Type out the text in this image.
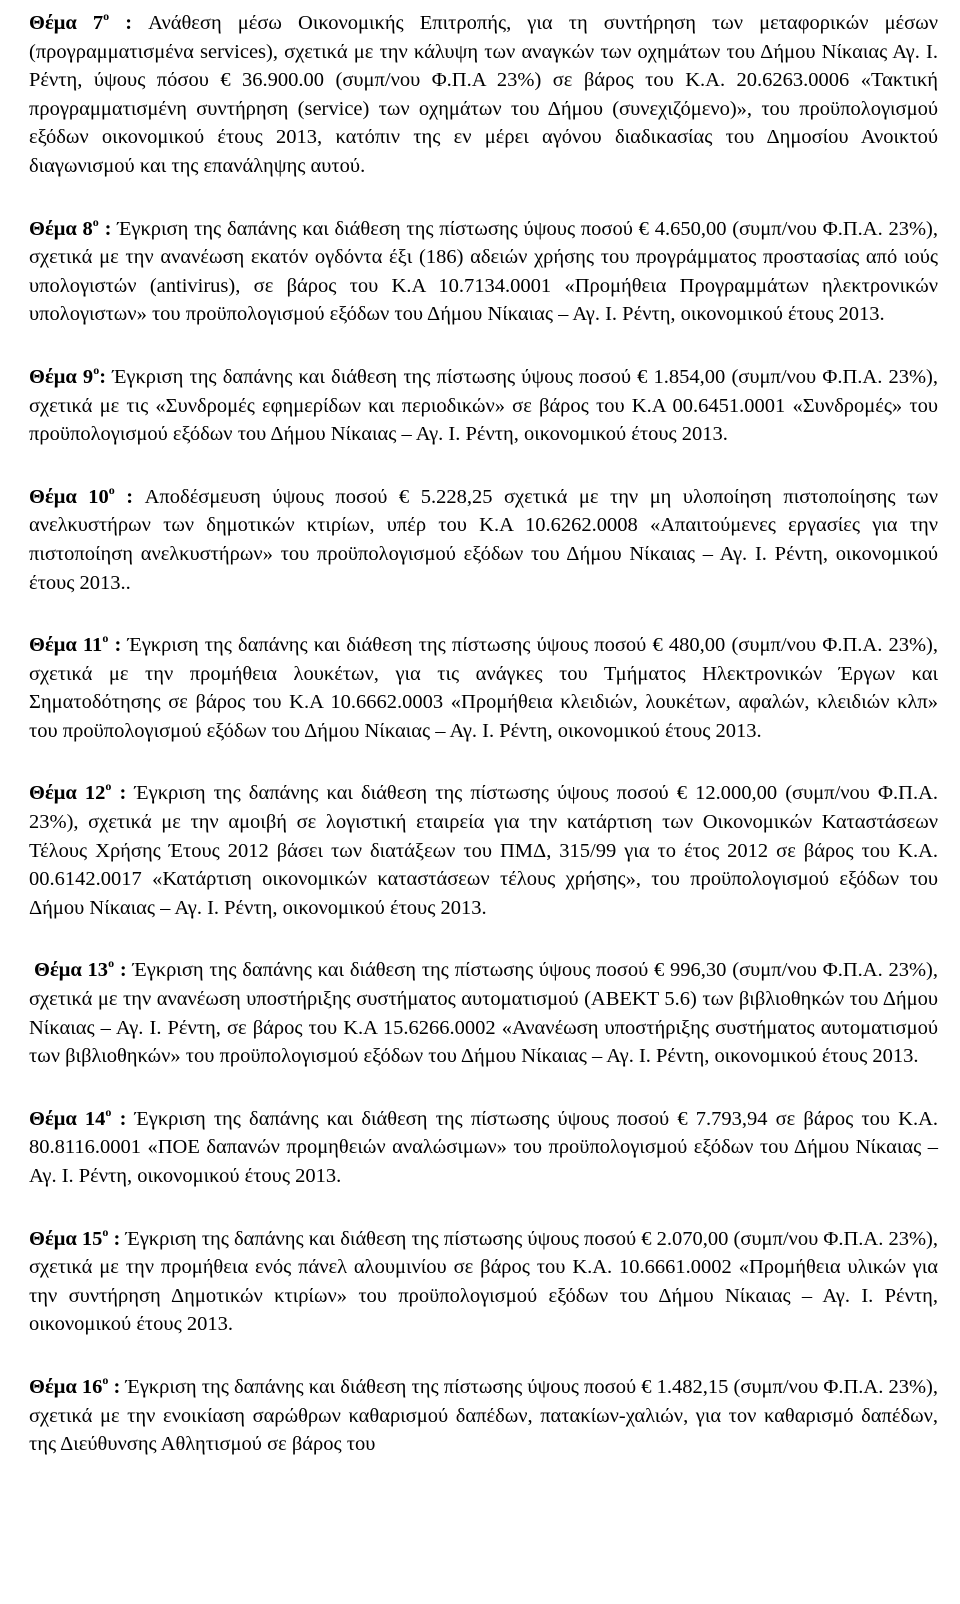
Θέμα $7^o$ : Ανάθεση μέσω Οικονομικής Επιτροπής, για τη συντήρηση των μεταφορικών μέσων (προγραμματισμένα services), σχετικά με την κάλυψη των αναγκών των οχημάτων του Δήμου Νίκαιας Αγ. Ι. Ρέντη, ύψους πόσου € 36.900.00 (συμπ/νου Φ.Π.Α 23%) σε βάρος του Κ.Α. 20.6263.0006 «Τακτική προγραμματισμένη συντήρηση (service) των οχημάτων του Δήμου (συνεχιζόμενο)», του προϋπολογισμού εξόδων οικονομικού έτους 2013, κατόπιν της εν μέρει αγόνου διαδικασίας του Δημοσίου Ανοικτού διαγωνισμού και της επανάληψης αυτού.

Θέμα $8^o$ : Έγκριση της δαπάνης και διάθεση της πίστωσης ύψους ποσού € 4.650,00 (συμπ/νου Φ.Π.Α. 23%), σχετικά με την ανανέωση εκατόν ογδόντα έξι (186) αδειών χρήσης του προγράμματος προστασίας από ιούς υπολογιστών (antivirus), σε βάρος του Κ.Α 10.7134.0001 «Προμήθεια Προγραμμάτων ηλεκτρονικών υπολογιστων» του προϋπολογισμού εξόδων του Δήμου Νίκαιας – Αγ. Ι. Ρέντη, οικονομικού έτους 2013.

Θέμα $9^o$: Έγκριση της δαπάνης και διάθεση της πίστωσης ύψους ποσού € 1.854,00 (συμπ/νου Φ.Π.Α. 23%), σχετικά με τις «Συνδρομές εφημερίδων και περιοδικών» σε βάρος του Κ.Α 00.6451.0001 «Συνδρομές» του προϋπολογισμού εξόδων του Δήμου Νίκαιας – Αγ. Ι. Ρέντη, οικονομικού έτους 2013.

Θέμα $10^o$ : Αποδέσμευση ύψους ποσού € 5.228,25 σχετικά με την μη υλοποίηση πιστοποίησης των ανελκυστήρων των δημοτικών κτιρίων, υπέρ του Κ.Α 10.6262.0008 «Απαιτούμενες εργασίες για την πιστοποίηση ανελκυστήρων» του προϋπολογισμού εξόδων του Δήμου Νίκαιας – Αγ. Ι. Ρέντη, οικονομικού έτους 2013..

Θέμα $11^o$ : Έγκριση της δαπάνης και διάθεση της πίστωσης ύψους ποσού € 480,00 (συμπ/νου Φ.Π.Α. 23%), σχετικά με την προμήθεια λουκέτων, για τις ανάγκες του Τμήματος Ηλεκτρονικών Έργων και Σηματοδότησης σε βάρος του Κ.Α 10.6662.0003 «Προμήθεια κλειδιών, λουκέτων, αφαλών, κλειδιών κλπ» του προϋπολογισμού εξόδων του Δήμου Νίκαιας – Αγ. Ι. Ρέντη, οικονομικού έτους 2013.

Θέμα $12^o$ : Έγκριση της δαπάνης και διάθεση της πίστωσης ύψους ποσού € 12.000,00 (συμπ/νου Φ.Π.Α. 23%), σχετικά με την αμοιβή σε λογιστική εταιρεία για την κατάρτιση των Οικονομικών Καταστάσεων Τέλους Χρήσης Έτους 2012 βάσει των διατάξεων του ΠΜΔ, 315/99 για το έτος 2012 σε βάρος του Κ.Α. 00.6142.0017 «Κατάρτιση οικονομικών καταστάσεων τέλους χρήσης», του προϋπολογισμού εξόδων του Δήμου Νίκαιας – Αγ. Ι. Ρέντη, οικονομικού έτους 2013.

Θέμα $13^o$ : Έγκριση της δαπάνης και διάθεση της πίστωσης ύψους ποσού € 996,30 (συμπ/νου Φ.Π.Α. 23%), σχετικά με την ανανέωση υποστήριξης συστήματος αυτοματισμού (ABEKT 5.6) των βιβλιοθηκών του Δήμου Νίκαιας – Αγ. Ι. Ρέντη, σε βάρος του Κ.Α 15.6266.0002 «Ανανέωση υποστήριξης συστήματος αυτοματισμού των βιβλιοθηκών» του προϋπολογισμού εξόδων του Δήμου Νίκαιας – Αγ. Ι. Ρέντη, οικονομικού έτους 2013.

Θέμα $14^o$ : Έγκριση της δαπάνης και διάθεση της πίστωσης ύψους ποσού € 7.793,94 σε βάρος του Κ.Α. 80.8116.0001 «ΠΟΕ δαπανών προμηθειών αναλώσιμων» του προϋπολογισμού εξόδων του Δήμου Νίκαιας – Αγ. Ι. Ρέντη, οικονομικού έτους 2013.

Θέμα $15^o$ : Έγκριση της δαπάνης και διάθεση της πίστωσης ύψους ποσού € 2.070,00 (συμπ/νου Φ.Π.Α. 23%), σχετικά με την προμήθεια ενός πάνελ αλουμινίου σε βάρος του Κ.Α. 10.6661.0002 «Προμήθεια υλικών για την συντήρηση Δημοτικών κτιρίων» του προϋπολογισμού εξόδων του Δήμου Νίκαιας – Αγ. Ι. Ρέντη, οικονομικού έτους 2013.

Θέμα $16^o$ : Έγκριση της δαπάνης και διάθεση της πίστωσης ύψους ποσού € 1.482,15 (συμπ/νου Φ.Π.Α. 23%), σχετικά με την ενοικίαση σαρώθρων καθαρισμού δαπέδων, πατακίων-χαλιών, για τον καθαρισμό δαπέδων, της Διεύθυνσης Αθλητισμού σε βάρος του
